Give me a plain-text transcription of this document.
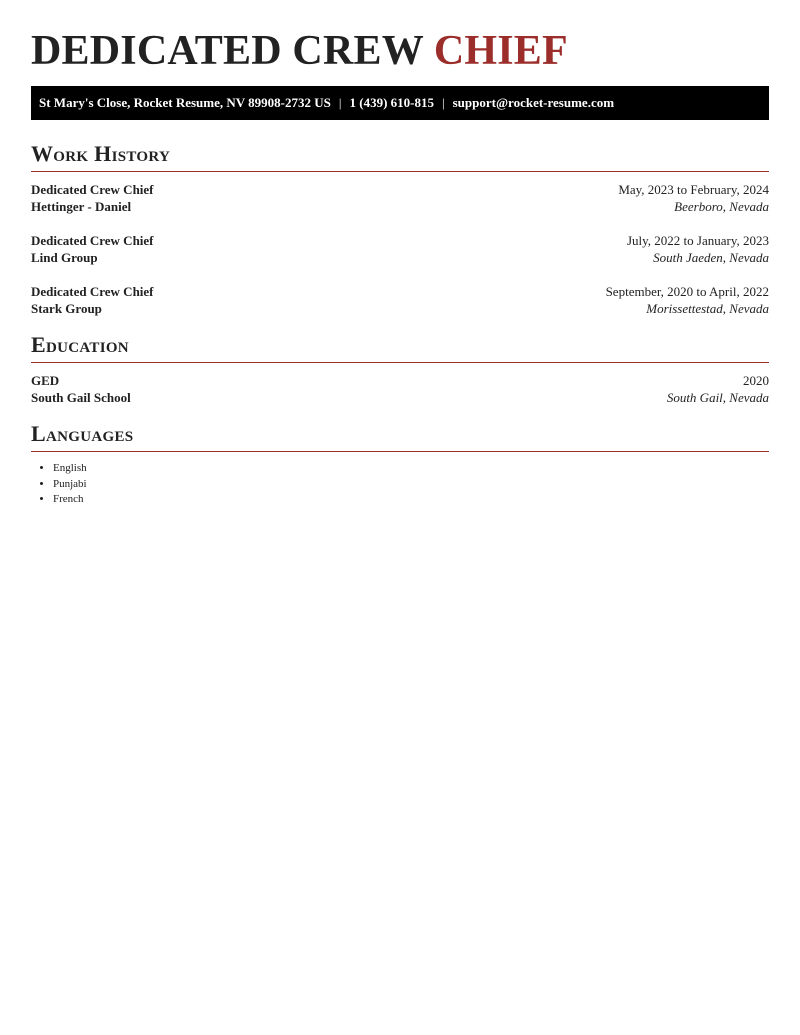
DEDICATED CREW CHIEF
St Mary's Close, Rocket Resume, NV 89908-2732 US | 1 (439) 610-815 | support@rocket-resume.com
Work History
Dedicated Crew Chief	May, 2023 to February, 2024
Hettinger - Daniel	Beerboro, Nevada
Dedicated Crew Chief	July, 2022 to January, 2023
Lind Group	South Jaeden, Nevada
Dedicated Crew Chief	September, 2020 to April, 2022
Stark Group	Morissettestad, Nevada
Education
GED	2020
South Gail School	South Gail, Nevada
Languages
• English
• Punjabi
• French
